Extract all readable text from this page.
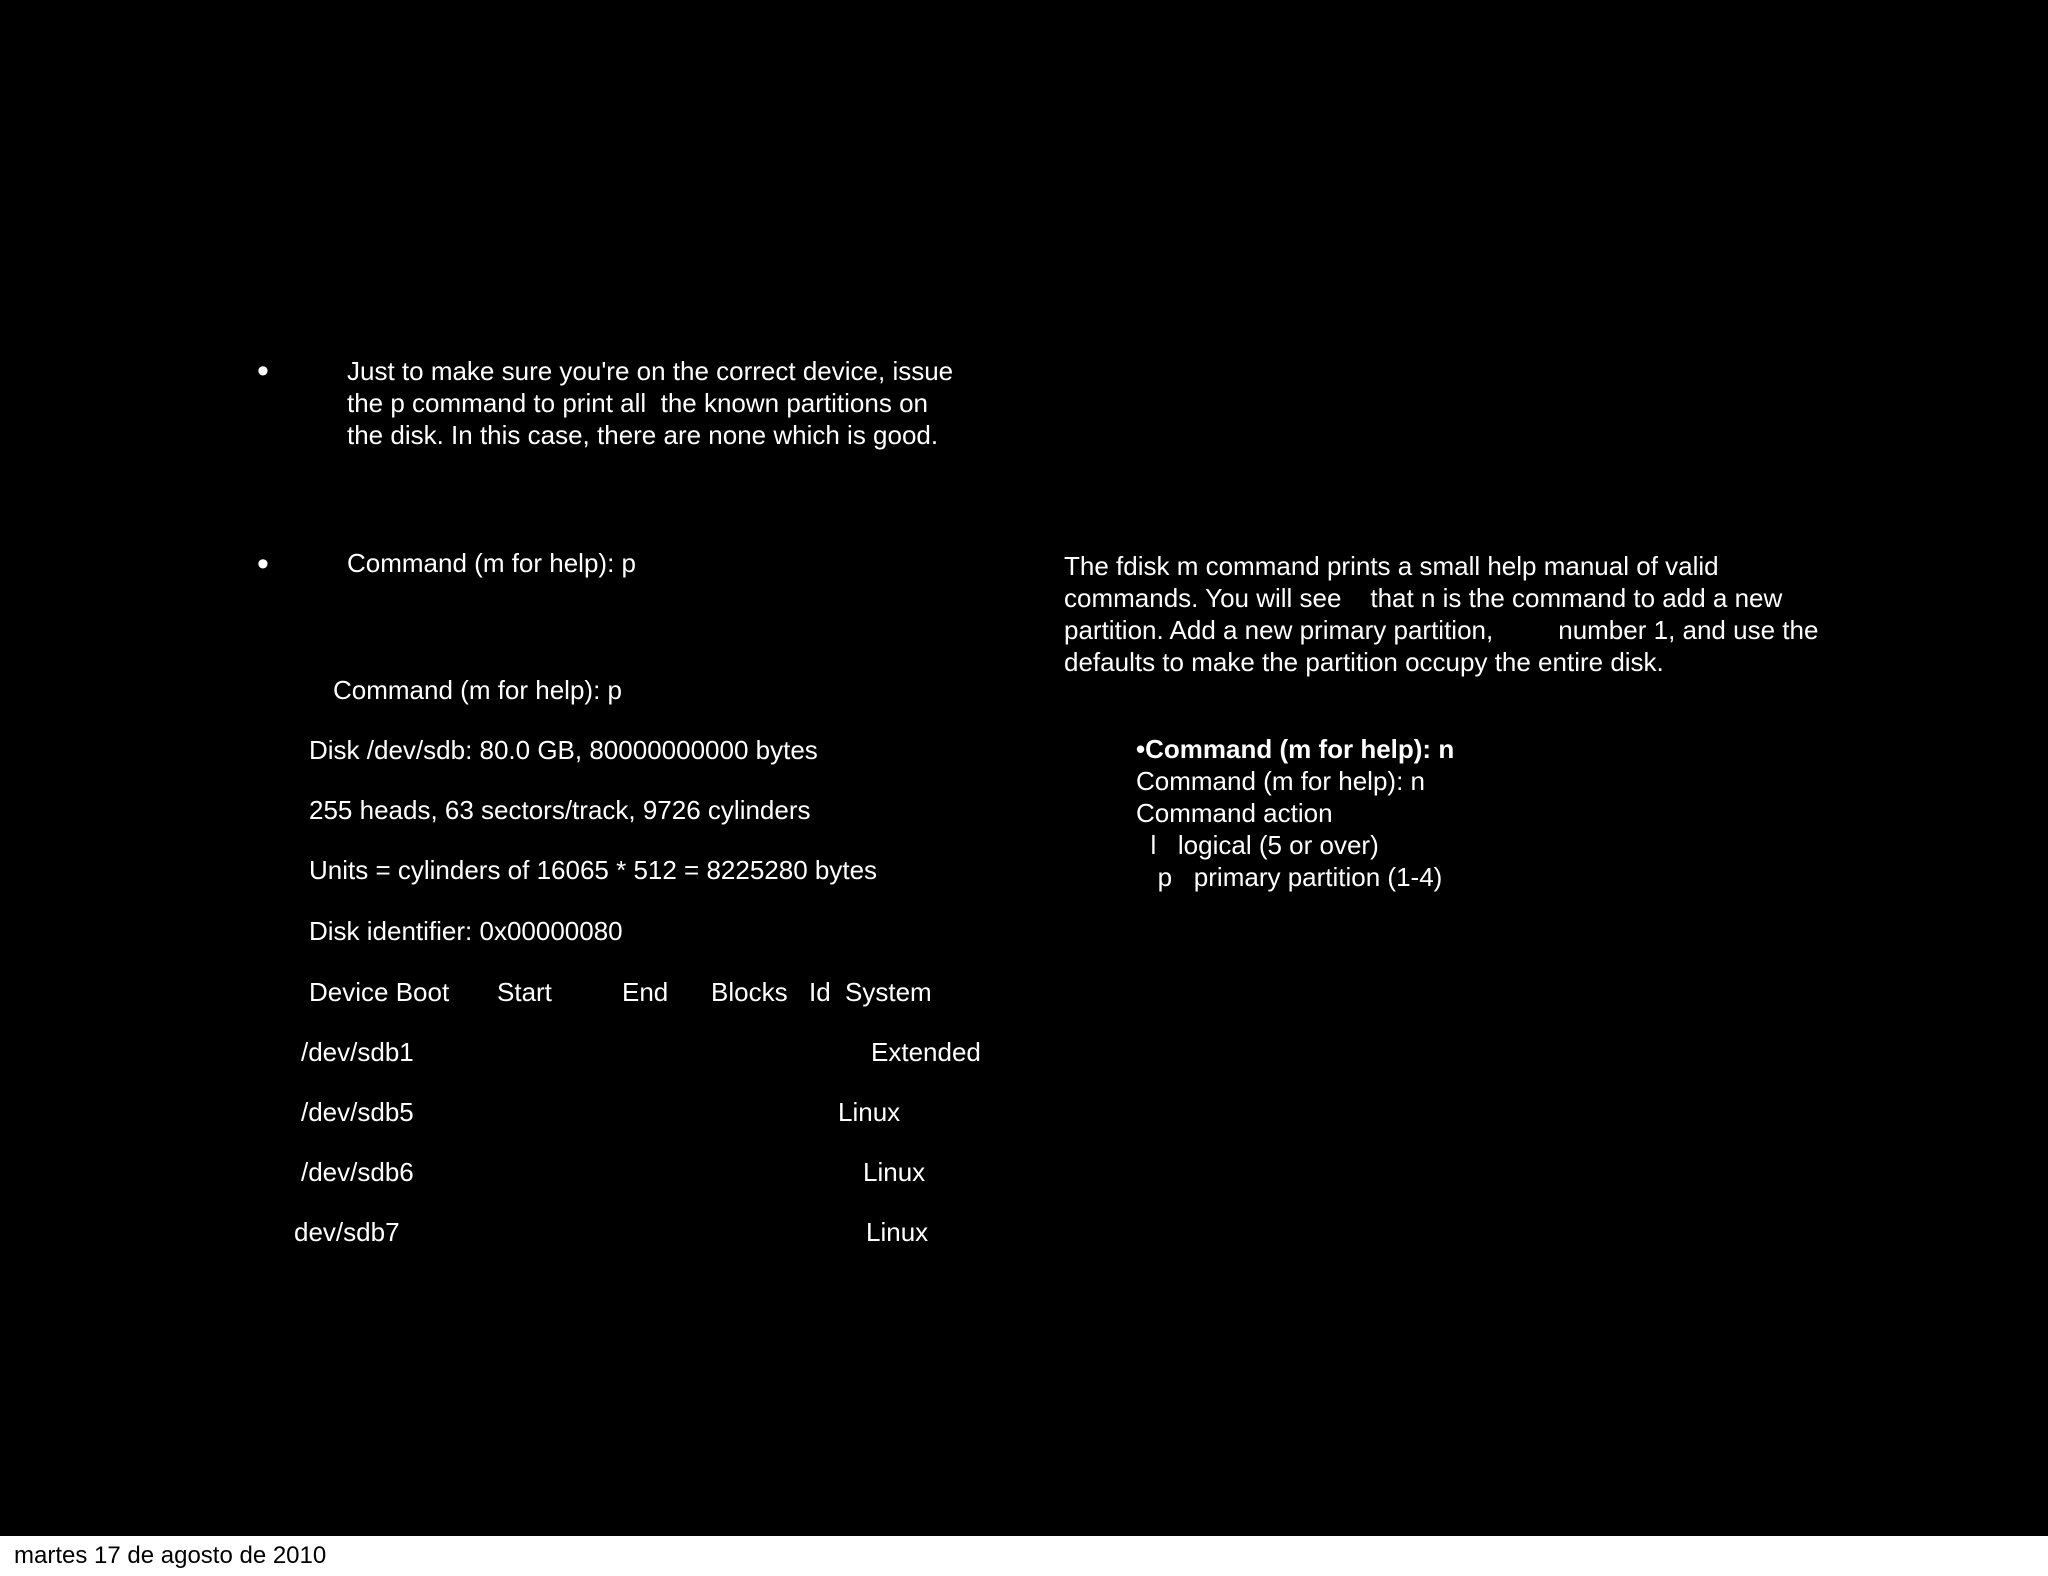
•	Just to make sure you're on the correct device, issue
the p command to print all  the known partitions on
the disk. In this case, there are none which is good.
•	Command (m for help): p
Command (m for help): p
Disk /dev/sdb: 80.0 GB, 80000000000 bytes
255 heads, 63 sectors/track, 9726 cylinders
Units = cylinders of 16065 * 512 = 8225280 bytes
Disk identifier: 0x00000080
Device Boot Start	End Blocks Id System
/dev/sdb1	Extended
/dev/sdb5	Linux
/dev/sdb6	Linux
dev/sdb7	Linux
The fdisk m command prints a small help manual of valid
commands. You will see    that n is the command to add a new
partition. Add a new primary partition,         number 1, and use the
defaults to make the partition occupy the entire disk.
•Command (m for help): n
Command (m for help): n
Command action
l   logical (5 or over)
p   primary partition (1-4)
martes 17 de agosto de 2010
